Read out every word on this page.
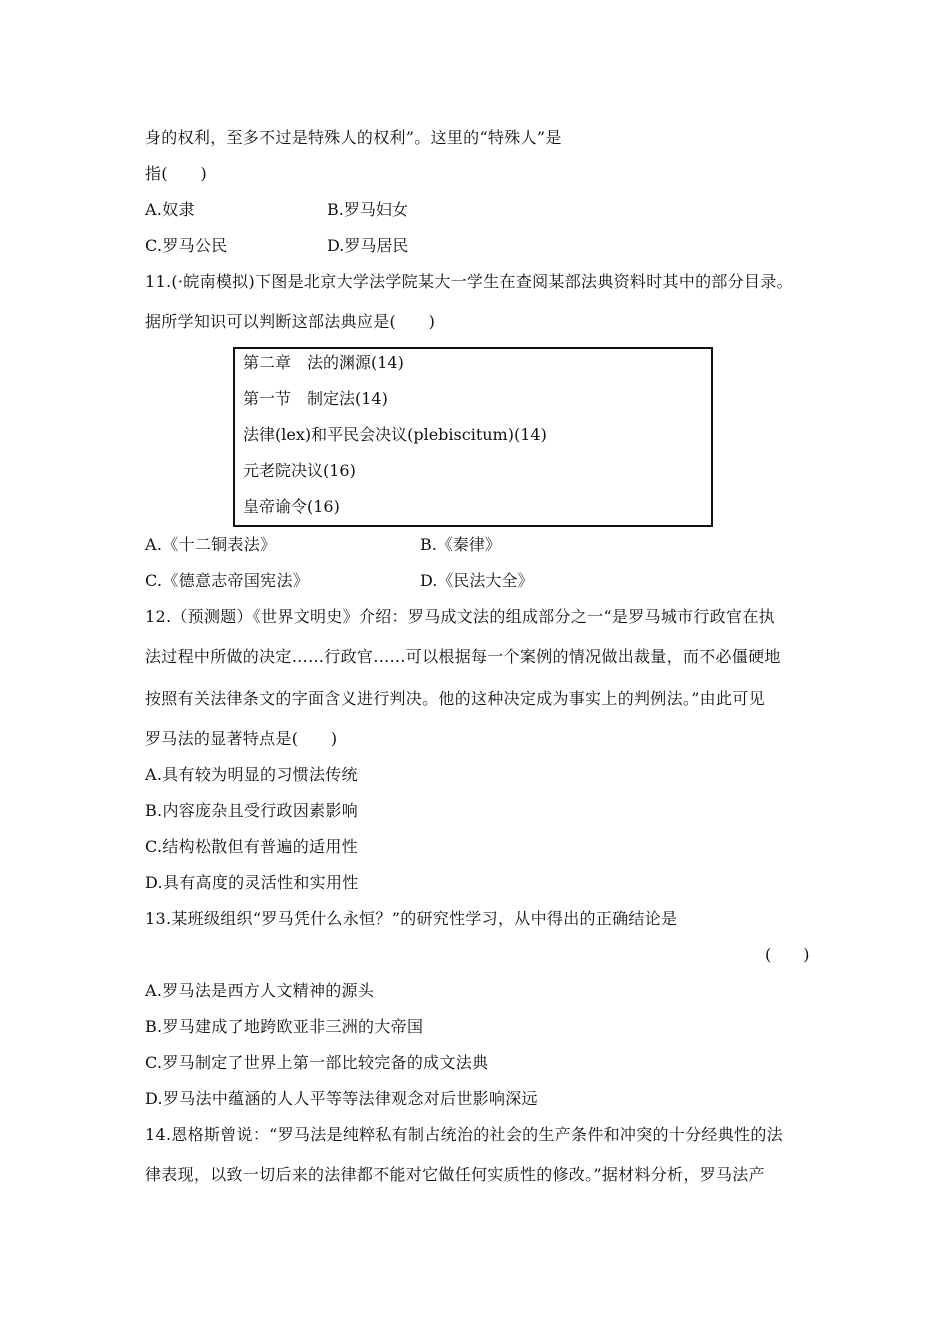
身的权利，至多不过是特殊人的权利”。这里的“特殊人”是
指(　　)
A.奴隶	B.罗马妇女
C.罗马公民	D.罗马居民
11.(·皖南模拟)下图是北京大学法学院某大一学生在查阅某部法典资料时其中的部分目录。
据所学知识可以判断这部法典应是(　　)
第二章　法的渊源(14)
第一节　制定法(14)
法律(lex)和平民会决议(plebiscitum)(14)
元老院决议(16)
皇帝谕令(16)
A.《十二铜表法》	B.《秦律》
C.《德意志帝国宪法》	D.《民法大全》
12.（预测题）《世界文明史》介绍：罗马成文法的组成部分之一“是罗马城市行政官在执
法过程中所做的决定……行政官……可以根据每一个案例的情况做出裁量，而不必僵硬地
按照有关法律条文的字面含义进行判决。他的这种决定成为事实上的判例法。”由此可见
罗马法的显著特点是(　　)
A.具有较为明显的习惯法传统
B.内容庞杂且受行政因素影响
C.结构松散但有普遍的适用性
D.具有高度的灵活性和实用性
13.某班级组织“罗马凭什么永恒？”的研究性学习，从中得出的正确结论是
(　　)
A.罗马法是西方人文精神的源头
B.罗马建成了地跨欧亚非三洲的大帝国
C.罗马制定了世界上第一部比较完备的成文法典
D.罗马法中蕴涵的人人平等等法律观念对后世影响深远
14.恩格斯曾说：“罗马法是纯粹私有制占统治的社会的生产条件和冲突的十分经典性的法
律表现，以致一切后来的法律都不能对它做任何实质性的修改。”据材料分析，罗马法产
